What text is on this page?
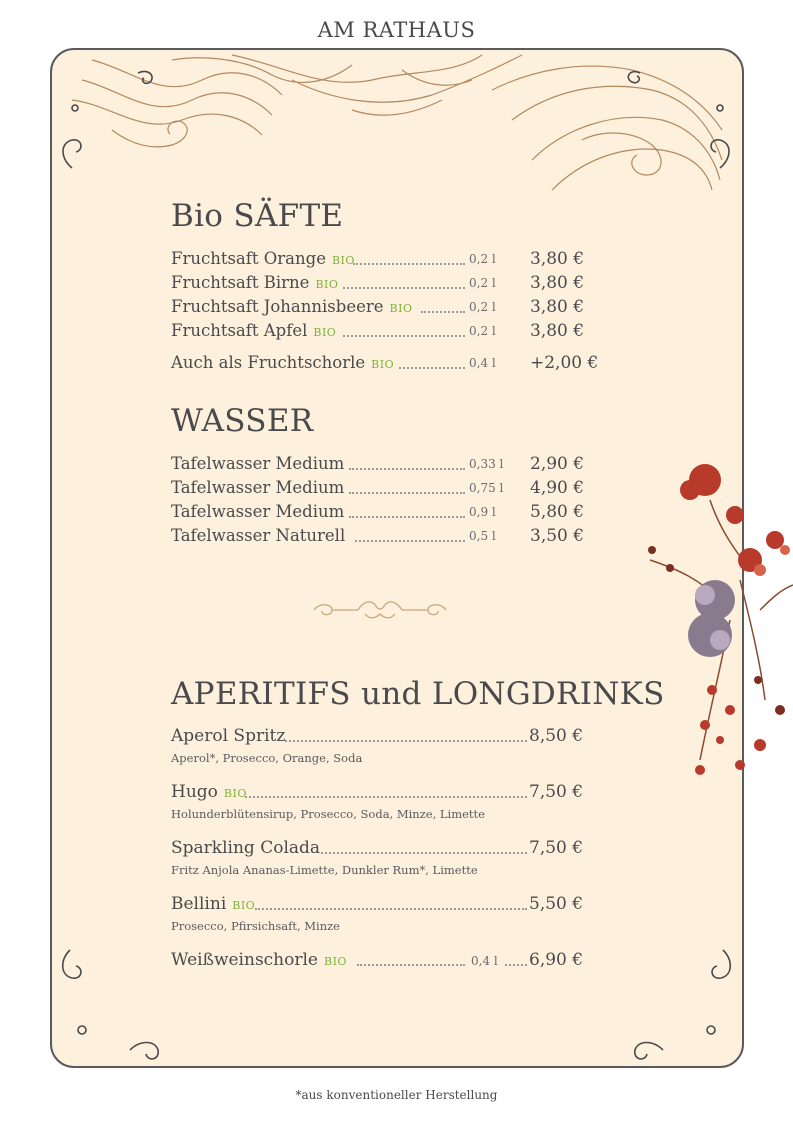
AM RATHAUS
Bio SÄFTE
Fruchtsaft Orange BIO	0,2 l 3,80 €
Fruchtsaft Birne BIO	0,2 l 3,80 €
Fruchtsaft Johannisbeere BIO	0,2 l 3,80 €
Fruchtsaft Apfel BIO	0,2 l 3,80 €
Auch als Fruchtschorle BIO	0,4 l +2,00 €
WASSER
Tafelwasser Medium	0,33 l 2,90 €
Tafelwasser Medium	0,75 l 4,90 €
Tafelwasser Medium	0,9 l 5,80 €
Tafelwasser Naturell	0,5 l 3,50 €
APERITIFS und LONGDRINKS
Aperol Spritz	8,50 €
Aperol*, Prosecco, Orange, Soda
Hugo BIO	7,50 €
Holunderblütensirup, Prosecco, Soda, Minze, Limette
Sparkling Colada	7,50 €
Fritz Anjola Ananas-Limette, Dunkler Rum*, Limette
Bellini BIO	5,50 €
Prosecco, Pfirsichsaft, Minze
Weißweinschorle BIO	0,4 l 6,90 €
*aus konventioneller Herstellung
